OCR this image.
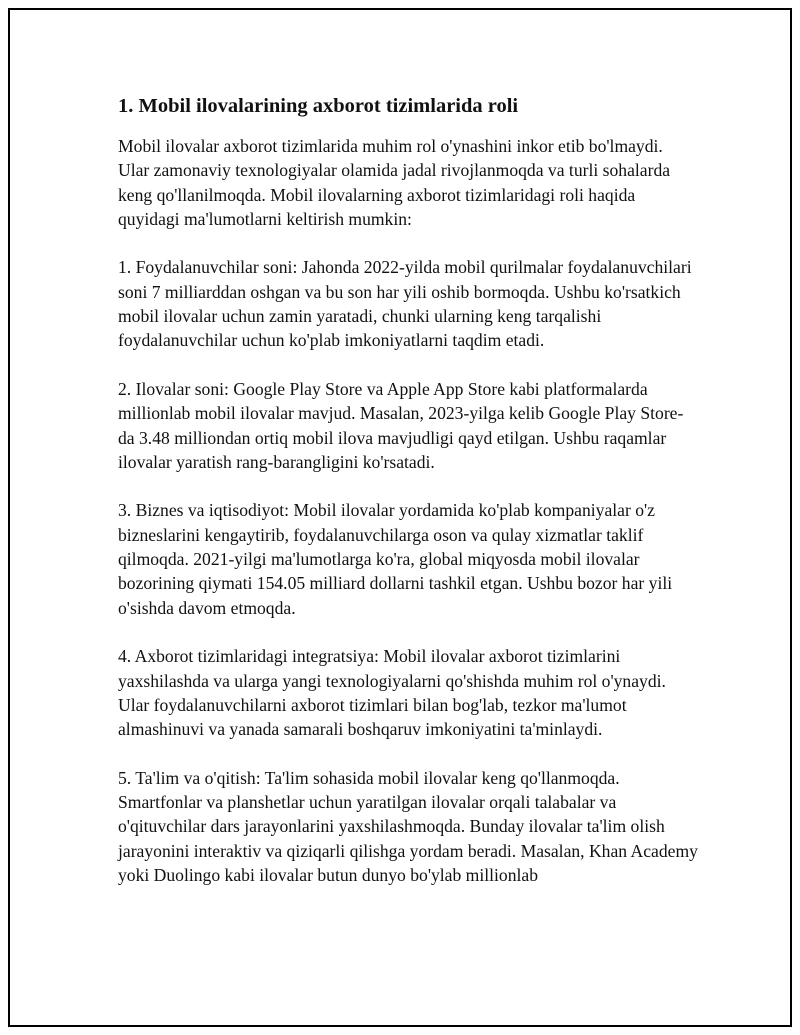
1. Mobil ilovalarining axborot tizimlarida roli

Mobil ilovalar axborot tizimlarida muhim rol o'ynashini inkor etib bo'lmaydi. Ular zamonaviy texnologiyalar olamida jadal rivojlanmoqda va turli sohalarda keng qo'llanilmoqda. Mobil ilovalarning axborot tizimlaridagi roli haqida quyidagi ma'lumotlarni keltirish mumkin:

1. Foydalanuvchilar soni: Jahonda 2022-yilda mobil qurilmalar foydalanuvchilari soni 7 milliarddan oshgan va bu son har yili oshib bormoqda. Ushbu ko'rsatkich mobil ilovalar uchun zamin yaratadi, chunki ularning keng tarqalishi foydalanuvchilar uchun ko'plab imkoniyatlarni taqdim etadi.

2. Ilovalar soni: Google Play Store va Apple App Store kabi platformalarda millionlab mobil ilovalar mavjud. Masalan, 2023-yilga kelib Google Play Store-da 3.48 milliondan ortiq mobil ilova mavjudligi qayd etilgan. Ushbu raqamlar ilovalar yaratish rang-barangligini ko'rsatadi.

3. Biznes va iqtisodiyot: Mobil ilovalar yordamida ko'plab kompaniyalar o'z bizneslarini kengaytirib, foydalanuvchilarga oson va qulay xizmatlar taklif qilmoqda. 2021-yilgi ma'lumotlarga ko'ra, global miqyosda mobil ilovalar bozorining qiymati 154.05 milliard dollarni tashkil etgan. Ushbu bozor har yili o'sishda davom etmoqda.

4. Axborot tizimlaridagi integratsiya: Mobil ilovalar axborot tizimlarini yaxshilashda va ularga yangi texnologiyalarni qo'shishda muhim rol o'ynaydi. Ular foydalanuvchilarni axborot tizimlari bilan bog'lab, tezkor ma'lumot almashinuvi va yanada samarali boshqaruv imkoniyatini ta'minlaydi.

5. Ta'lim va o'qitish: Ta'lim sohasida mobil ilovalar keng qo'llanmoqda. Smartfonlar va planshetlar uchun yaratilgan ilovalar orqali talabalar va o'qituvchilar dars jarayonlarini yaxshilashmoqda. Bunday ilovalar ta'lim olish jarayonini interaktiv va qiziqarli qilishga yordam beradi. Masalan, Khan Academy yoki Duolingo kabi ilovalar butun dunyo bo'ylab millionlab
